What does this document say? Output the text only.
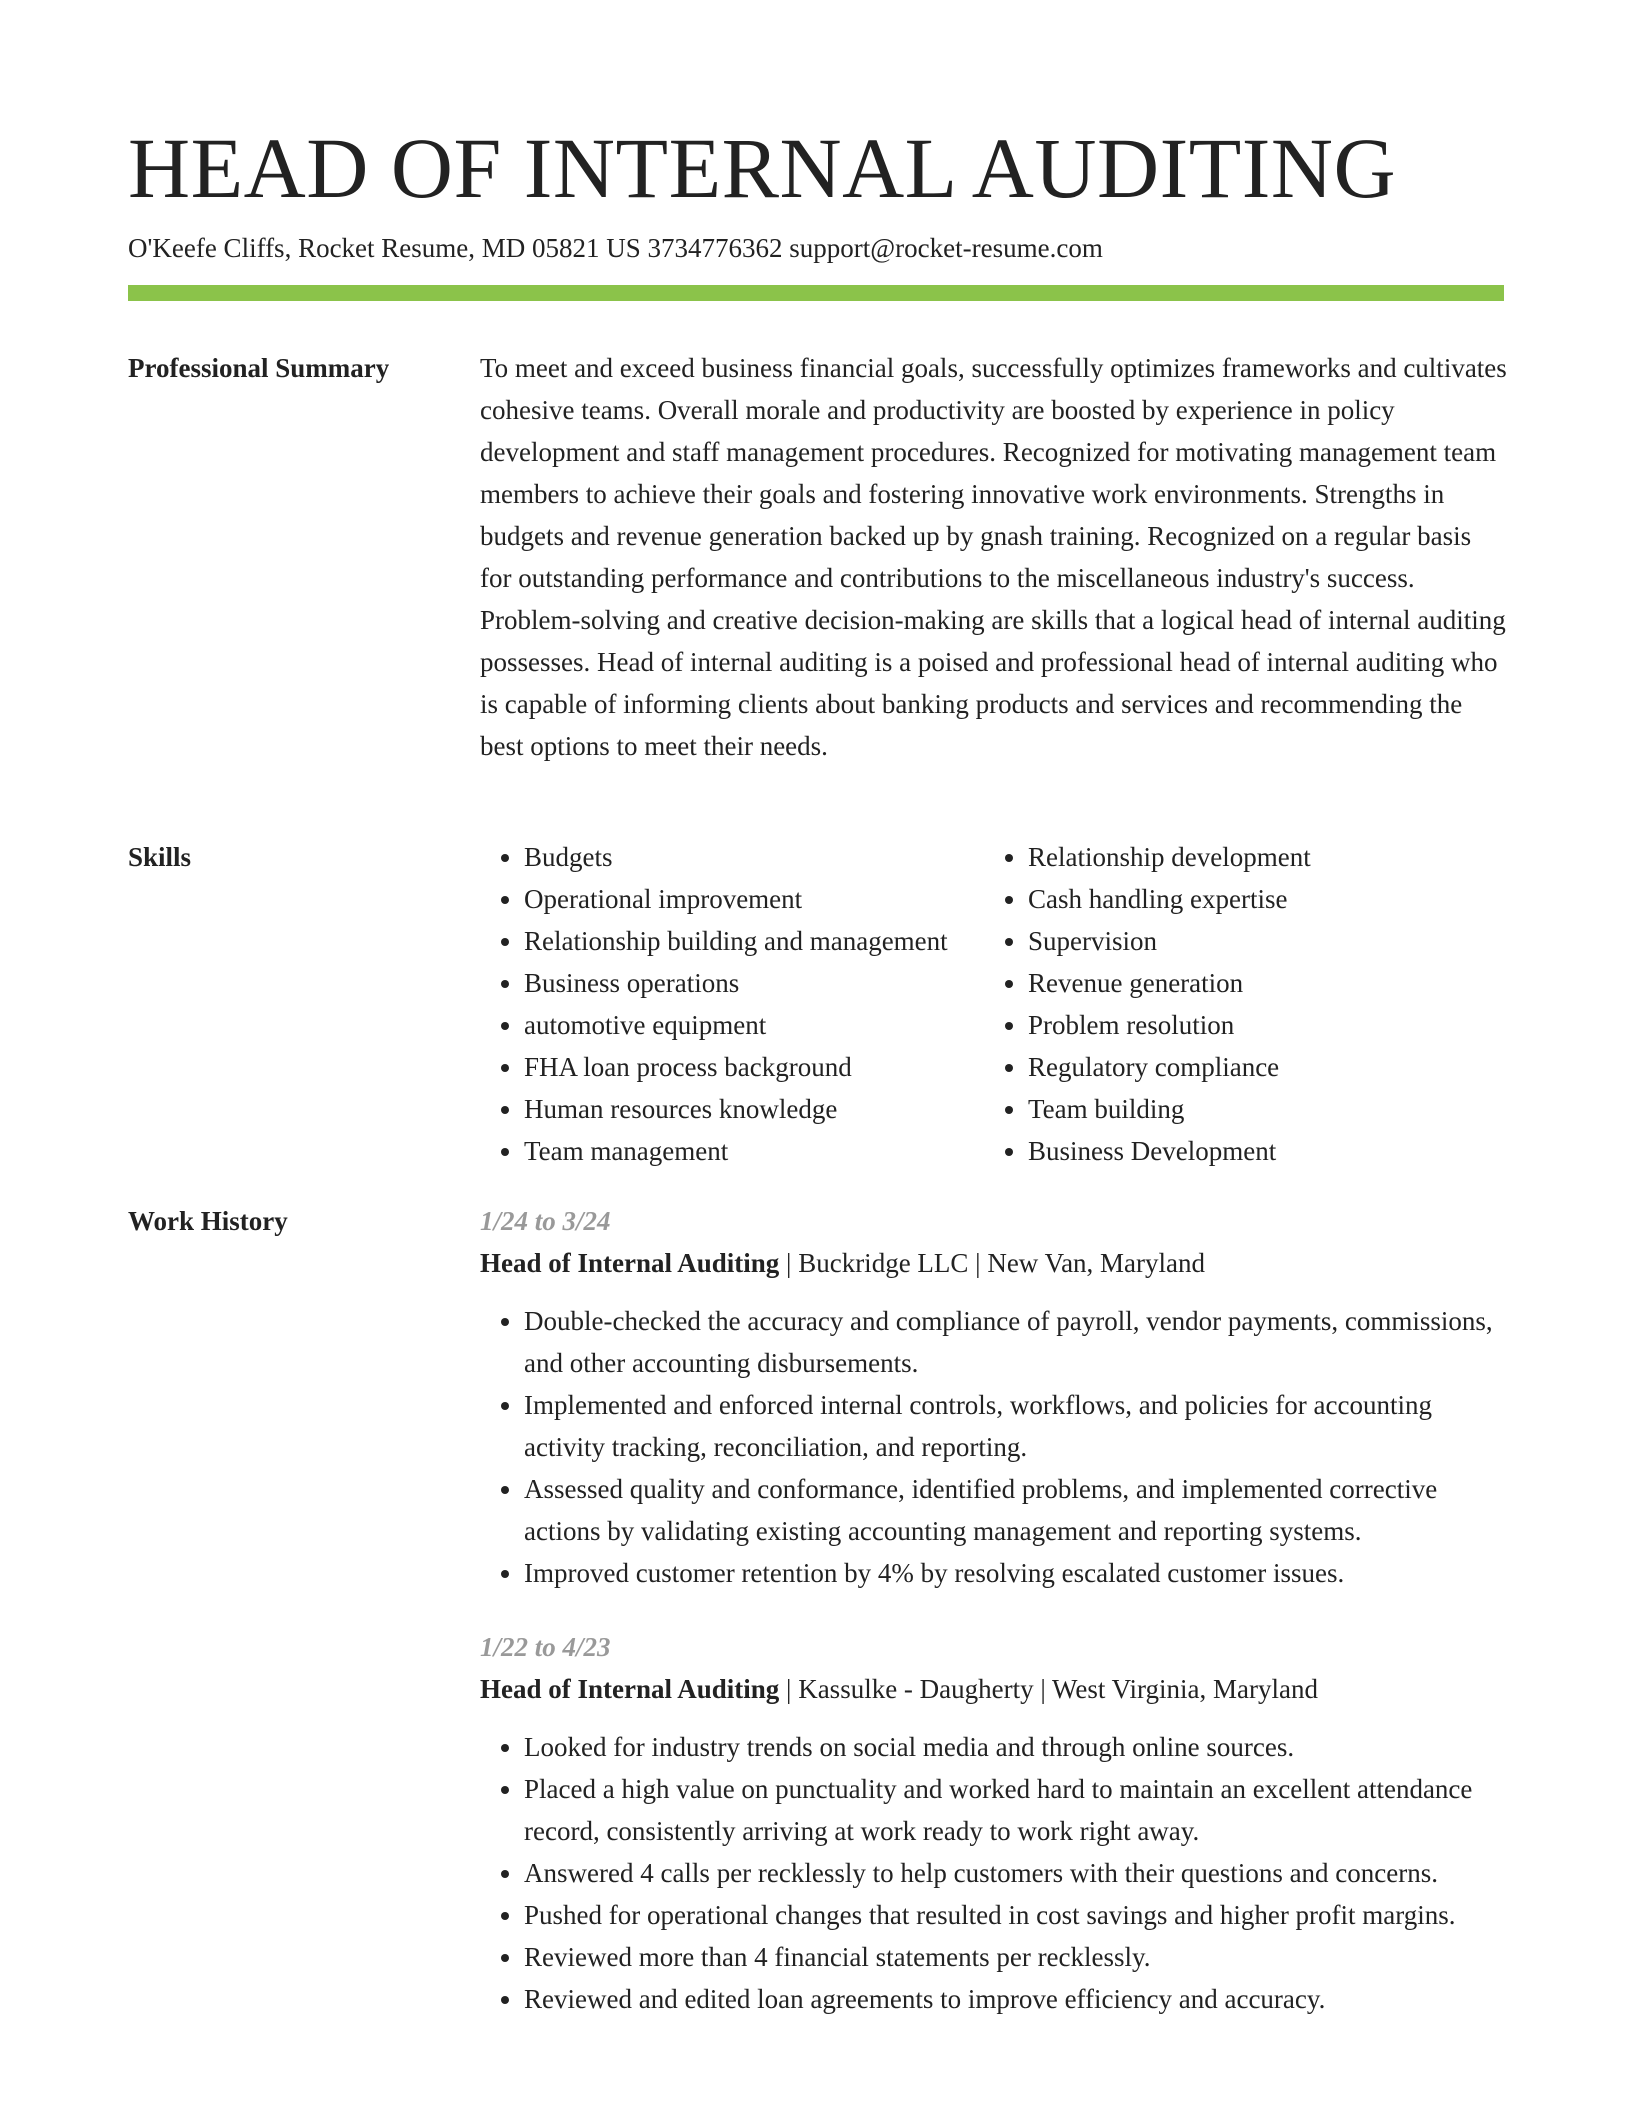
HEAD OF INTERNAL AUDITING
O'Keefe Cliffs, Rocket Resume, MD 05821 US 3734776362 support@rocket-resume.com
Professional Summary	To meet and exceed business financial goals, successfully optimizes frameworks and cultivates cohesive teams. Overall morale and productivity are boosted by experience in policy development and staff management procedures. Recognized for motivating management team members to achieve their goals and fostering innovative work environments. Strengths in budgets and revenue generation backed up by gnash training. Recognized on a regular basis for outstanding performance and contributions to the miscellaneous industry's success. Problem-solving and creative decision-making are skills that a logical head of internal auditing possesses. Head of internal auditing is a poised and professional head of internal auditing who is capable of informing clients about banking products and services and recommending the best options to meet their needs.

Skills
•	Budgets
• Operational improvement
• Relationship building and management
• Business operations
• automotive equipment
• FHA loan process background
• Human resources knowledge
• Team management
• Relationship development
• Cash handling expertise
• Supervision
• Revenue generation
• Problem resolution
• Regulatory compliance
• Team building
• Business Development
Work History	1/24 to 3/24
Head of Internal Auditing | Buckridge LLC | New Van, Maryland
• Double-checked the accuracy and compliance of payroll, vendor payments, commissions, and other accounting disbursements.
• Implemented and enforced internal controls, workflows, and policies for accounting activity tracking, reconciliation, and reporting.
• Assessed quality and conformance, identified problems, and implemented corrective actions by validating existing accounting management and reporting systems.
• Improved customer retention by 4% by resolving escalated customer issues.
1/22 to 4/23
Head of Internal Auditing | Kassulke - Daugherty | West Virginia, Maryland
• Looked for industry trends on social media and through online sources.
• Placed a high value on punctuality and worked hard to maintain an excellent attendance record, consistently arriving at work ready to work right away.
• Answered 4 calls per recklessly to help customers with their questions and concerns.
• Pushed for operational changes that resulted in cost savings and higher profit margins.
• Reviewed more than 4 financial statements per recklessly.
• Reviewed and edited loan agreements to improve efficiency and accuracy.
